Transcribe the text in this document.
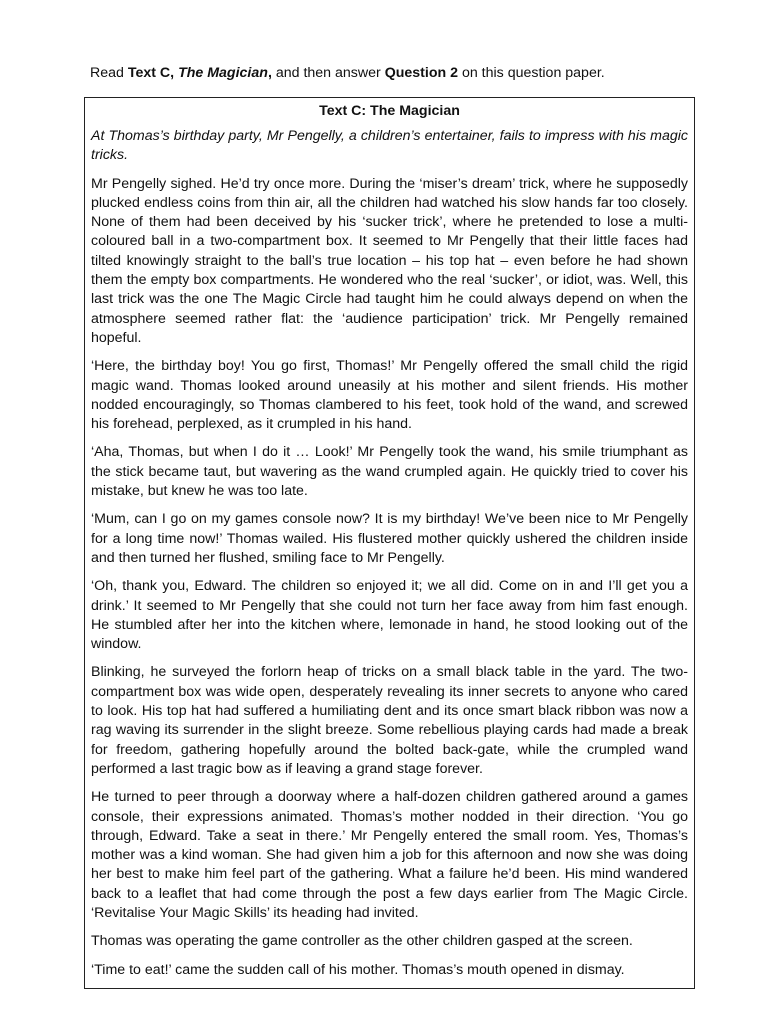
Read Text C, The Magician, and then answer Question 2 on this question paper.
Text C: The Magician

At Thomas’s birthday party, Mr Pengelly, a children’s entertainer, fails to impress with his magic tricks.

Mr Pengelly sighed. He’d try once more. During the ‘miser’s dream’ trick, where he supposedly plucked endless coins from thin air, all the children had watched his slow hands far too closely. None of them had been deceived by his ‘sucker trick’, where he pretended to lose a multi-coloured ball in a two-compartment box. It seemed to Mr Pengelly that their little faces had tilted knowingly straight to the ball’s true location – his top hat – even before he had shown them the empty box compartments. He wondered who the real ‘sucker’, or idiot, was. Well, this last trick was the one The Magic Circle had taught him he could always depend on when the atmosphere seemed rather flat: the ‘audience participation’ trick. Mr Pengelly remained hopeful.

‘Here, the birthday boy! You go first, Thomas!’ Mr Pengelly offered the small child the rigid magic wand. Thomas looked around uneasily at his mother and silent friends. His mother nodded encouragingly, so Thomas clambered to his feet, took hold of the wand, and screwed his forehead, perplexed, as it crumpled in his hand.

‘Aha, Thomas, but when I do it … Look!’ Mr Pengelly took the wand, his smile triumphant as the stick became taut, but wavering as the wand crumpled again. He quickly tried to cover his mistake, but knew he was too late.

‘Mum, can I go on my games console now? It is my birthday! We’ve been nice to Mr Pengelly for a long time now!’ Thomas wailed. His flustered mother quickly ushered the children inside and then turned her flushed, smiling face to Mr Pengelly.

‘Oh, thank you, Edward. The children so enjoyed it; we all did. Come on in and I’ll get you a drink.’ It seemed to Mr Pengelly that she could not turn her face away from him fast enough. He stumbled after her into the kitchen where, lemonade in hand, he stood looking out of the window.

Blinking, he surveyed the forlorn heap of tricks on a small black table in the yard. The two-compartment box was wide open, desperately revealing its inner secrets to anyone who cared to look. His top hat had suffered a humiliating dent and its once smart black ribbon was now a rag waving its surrender in the slight breeze. Some rebellious playing cards had made a break for freedom, gathering hopefully around the bolted back-gate, while the crumpled wand performed a last tragic bow as if leaving a grand stage forever.

He turned to peer through a doorway where a half-dozen children gathered around a games console, their expressions animated. Thomas’s mother nodded in their direction. ‘You go through, Edward. Take a seat in there.’ Mr Pengelly entered the small room. Yes, Thomas’s mother was a kind woman. She had given him a job for this afternoon and now she was doing her best to make him feel part of the gathering. What a failure he’d been. His mind wandered back to a leaflet that had come through the post a few days earlier from The Magic Circle. ‘Revitalise Your Magic Skills’ its heading had invited.

Thomas was operating the game controller as the other children gasped at the screen.

‘Time to eat!’ came the sudden call of his mother. Thomas’s mouth opened in dismay.
